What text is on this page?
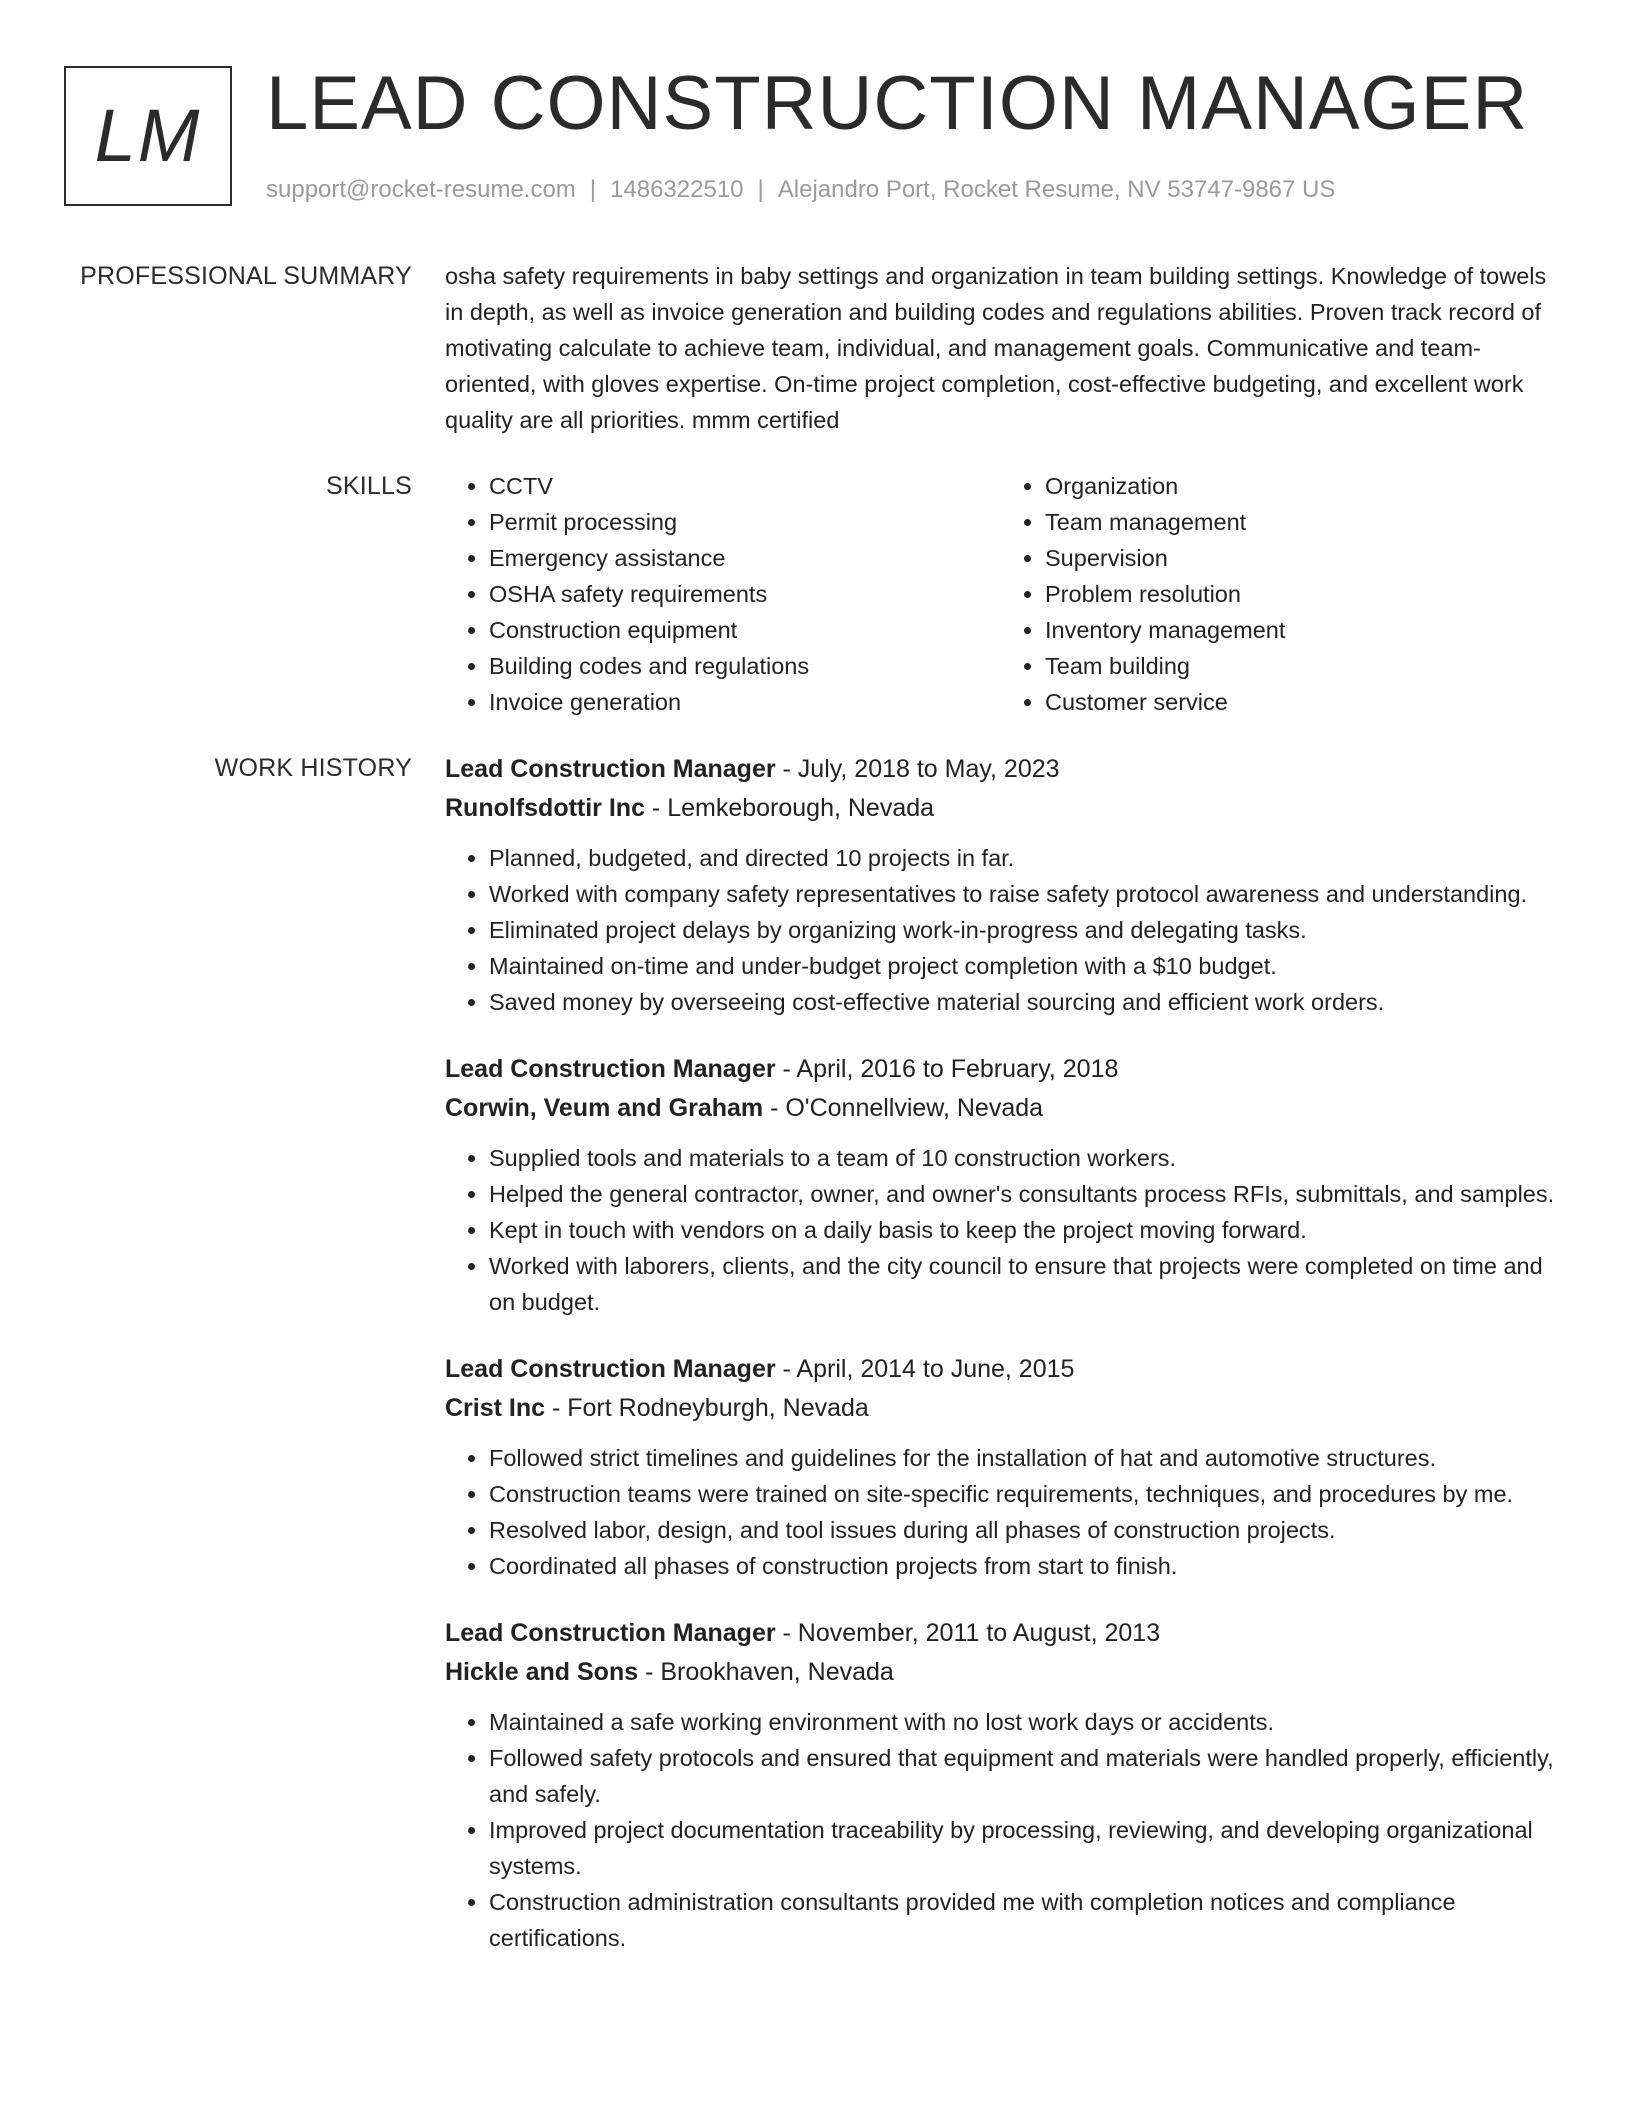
LM LEAD CONSTRUCTION MANAGER
support@rocket-resume.com | 1486322510 | Alejandro Port, Rocket Resume, NV 53747-9867 US
PROFESSIONAL SUMMARY osha safety requirements in baby settings and organization in team building settings. Knowledge of towels in depth, as well as invoice generation and building codes and regulations abilities. Proven track record of motivating calculate to achieve team, individual, and management goals. Communicative and team-oriented, with gloves expertise. On-time project completion, cost-effective budgeting, and excellent work quality are all priorities. mmm certified

SKILLS
•	CCTV
• Permit processing
• Emergency assistance
• OSHA safety requirements
• Construction equipment
• Building codes and regulations
• Invoice generation
• Organization
• Team management
• Supervision
• Problem resolution
• Inventory management
• Team building
• Customer service
WORK HISTORY Lead Construction Manager - July, 2018 to May, 2023
Runolfsdottir Inc - Lemkeborough, Nevada
• Planned, budgeted, and directed 10 projects in far.
• Worked with company safety representatives to raise safety protocol awareness and understanding.
• Eliminated project delays by organizing work-in-progress and delegating tasks.
• Maintained on-time and under-budget project completion with a $10 budget.
• Saved money by overseeing cost-effective material sourcing and efficient work orders.
Lead Construction Manager - April, 2016 to February, 2018
Corwin, Veum and Graham - O'Connellview, Nevada
• Supplied tools and materials to a team of 10 construction workers.
• Helped the general contractor, owner, and owner's consultants process RFIs, submittals, and samples.
• Kept in touch with vendors on a daily basis to keep the project moving forward.
• Worked with laborers, clients, and the city council to ensure that projects were completed on time and on budget.
Lead Construction Manager - April, 2014 to June, 2015
Crist Inc - Fort Rodneyburgh, Nevada
• Followed strict timelines and guidelines for the installation of hat and automotive structures.
• Construction teams were trained on site-specific requirements, techniques, and procedures by me.
• Resolved labor, design, and tool issues during all phases of construction projects.
• Coordinated all phases of construction projects from start to finish.
Lead Construction Manager - November, 2011 to August, 2013
Hickle and Sons - Brookhaven, Nevada
• Maintained a safe working environment with no lost work days or accidents.
• Followed safety protocols and ensured that equipment and materials were handled properly, efficiently, and safely.
• Improved project documentation traceability by processing, reviewing, and developing organizational systems.
• Construction administration consultants provided me with completion notices and compliance certifications.
